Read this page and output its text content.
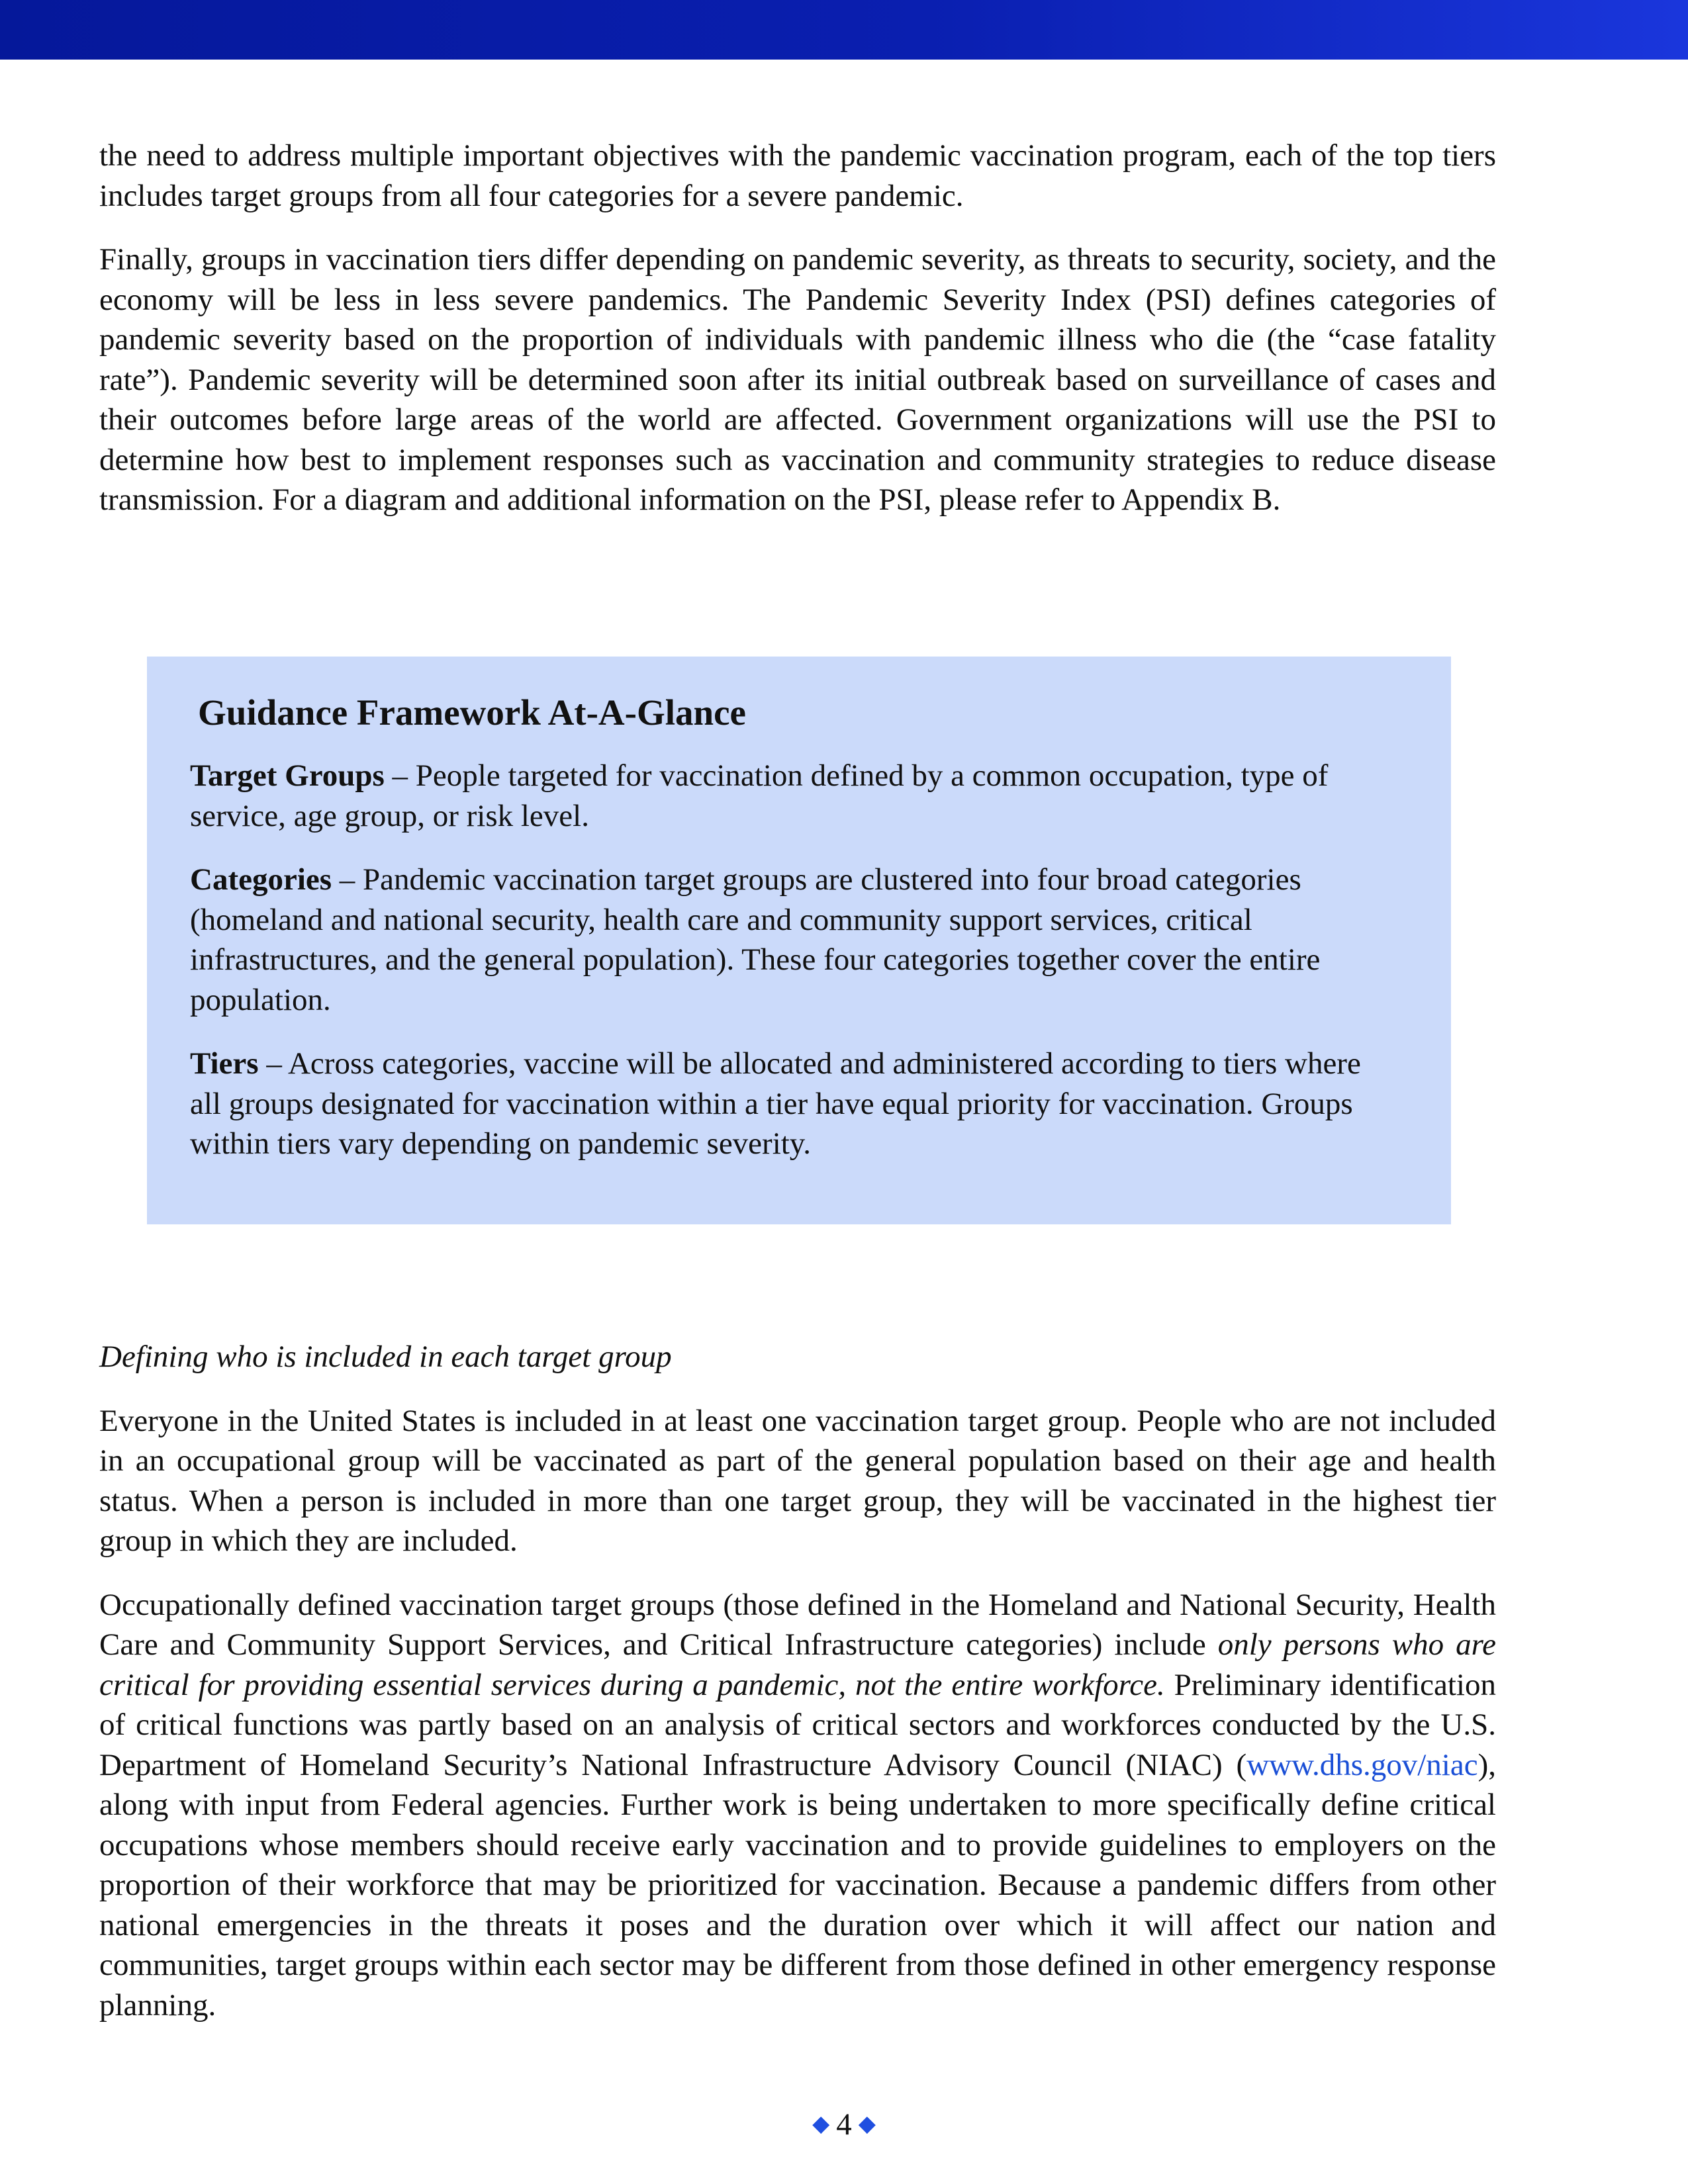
the need to address multiple important objectives with the pandemic vaccination program, each of the top tiers includes target groups from all four categories for a severe pandemic.

Finally, groups in vaccination tiers differ depending on pandemic severity, as threats to security, society, and the economy will be less in less severe pandemics. The Pandemic Severity Index (PSI) defines categories of pandemic severity based on the proportion of individuals with pandemic illness who die (the “case fatality rate”). Pandemic severity will be determined soon after its initial outbreak based on surveillance of cases and their outcomes before large areas of the world are affected. Government organizations will use the PSI to determine how best to implement responses such as vaccination and community strategies to reduce disease transmission. For a diagram and additional information on the PSI, please refer to Appendix B.

Guidance Framework At-A-Glance

Target Groups – People targeted for vaccination defined by a common occupation, type of service, age group, or risk level.

Categories – Pandemic vaccination target groups are clustered into four broad categories (homeland and national security, health care and community support services, critical infrastructures, and the general population). These four categories together cover the entire population.

Tiers – Across categories, vaccine will be allocated and administered according to tiers where all groups designated for vaccination within a tier have equal priority for vaccination. Groups within tiers vary depending on pandemic severity.

Defining who is included in each target group

Everyone in the United States is included in at least one vaccination target group. People who are not included in an occupational group will be vaccinated as part of the general population based on their age and health status. When a person is included in more than one target group, they will be vaccinated in the highest tier group in which they are included.

Occupationally defined vaccination target groups (those defined in the Homeland and National Security, Health Care and Community Support Services, and Critical Infrastructure categories) include only persons who are critical for providing essential services during a pandemic, not the entire workforce. Preliminary identification of critical functions was partly based on an analysis of critical sectors and workforces conducted by the U.S. Department of Homeland Security’s National Infrastructure Advisory Council (NIAC) (www.dhs.gov/niac), along with input from Federal agencies. Further work is being undertaken to more specifically define critical occupations whose members should receive early vaccination and to provide guidelines to employers on the proportion of their workforce that may be prioritized for vaccination. Because a pandemic differs from other national emergencies in the threats it poses and the duration over which it will affect our nation and communities, target groups within each sector may be different from those defined in other emergency response planning.

◆ 4 ◆
